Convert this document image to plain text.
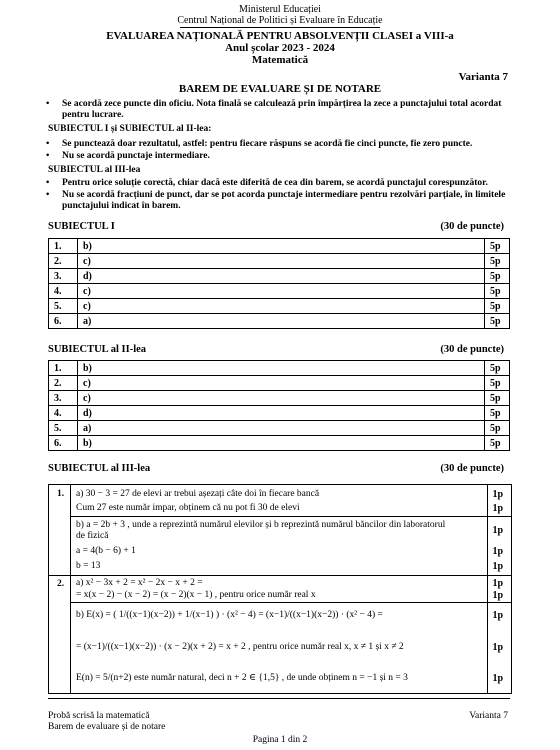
Ministerul Educației
Centrul Național de Politici și Evaluare în Educație
EVALUAREA NAȚIONALĂ PENTRU ABSOLVENȚII CLASEI a VIII-a
Anul școlar 2023 - 2024
Matematică
Varianta 7
BAREM DE EVALUARE ȘI DE NOTARE
• Se acordă zece puncte din oficiu. Nota finală se calculează prin împărțirea la zece a punctajului total acordat pentru lucrare.
SUBIECTUL I și SUBIECTUL al II-lea:
• Se punctează doar rezultatul, astfel: pentru fiecare răspuns se acordă fie cinci puncte, fie zero puncte.
• Nu se acordă punctaje intermediare.
SUBIECTUL al III-lea
• Pentru orice soluție corectă, chiar dacă este diferită de cea din barem, se acordă punctajul corespunzător.
• Nu se acordă fracțiuni de punct, dar se pot acorda punctaje intermediare pentru rezolvări parțiale, în limitele punctajului indicat în barem.
SUBIECTUL I	(30 de puncte)
1.	b)	5p
2.	c)	5p
3.	d)	5p
4.	c)	5p
5.	c)	5p
6.	a)	5p
SUBIECTUL al II-lea	(30 de puncte)
1.	b)	5p
2.	c)	5p
3.	c)	5p
4.	d)	5p
5.	a)	5p
6.	b)	5p
SUBIECTUL al III-lea	(30 de puncte)
1. a) 30 − 3 = 27 de elevi ar trebui așezați câte doi în fiecare bancă	1p
Cum 27 este număr impar, obținem că nu pot fi 30 de elevi	1p
b) a = 2b + 3 , unde a reprezintă numărul elevilor și b reprezintă numărul băncilor din laboratorul
de fizică	1p
a = 4(b − 6) + 1	1p
b = 13	1p
2. a) x² − 3x + 2 = x² − 2x − x + 2 =	1p
= x(x − 2) − (x − 2) = (x − 2)(x − 1) , pentru orice număr real x	1p
b) E(x) = ( 1/((x−1)(x−2)) + 1/(x−1) ) · (x² − 4) = (x−1)/((x−1)(x−2)) · (x² − 4) =	1p
= (x−1)/((x−1)(x−2)) · (x − 2)(x + 2) = x + 2 , pentru orice număr real x, x ≠ 1 și x ≠ 2	1p
E(n) = 5/(n+2) este număr natural, deci n + 2 ∈ {1,5} , de unde obținem n = −1 și n = 3	1p
Probă scrisă la matematică
Barem de evaluare și de notare
Varianta 7
Pagina 1 din 2
